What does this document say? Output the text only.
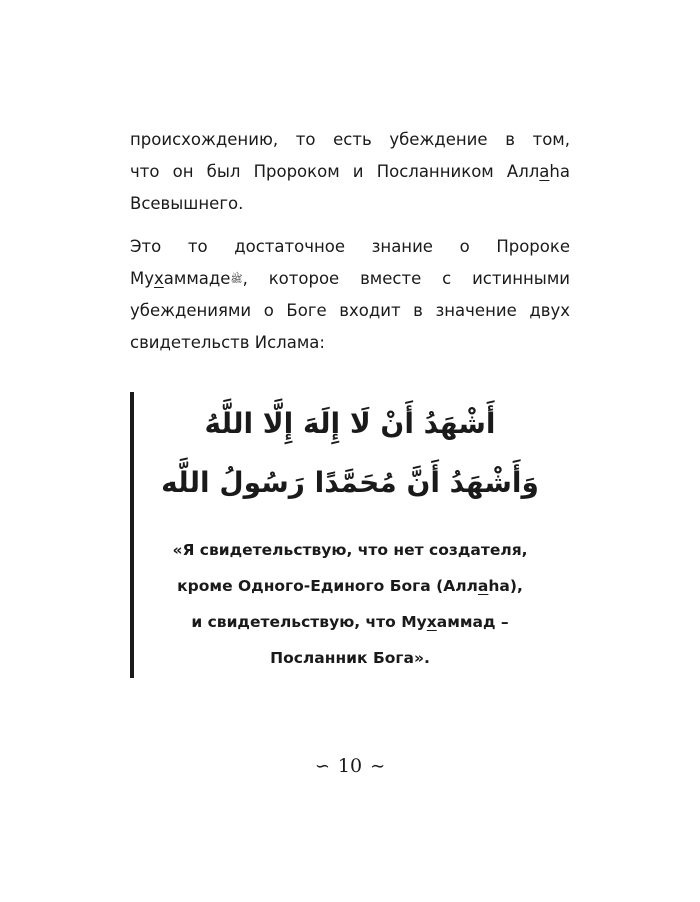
происхождению, то есть убеждение в том,
что он был Пророком и Посланником Аллаhа
Всевышнего.
Это то достаточное знание о Пророке
Мухаммадеﷺ, которое вместе с истинными
убеждениями о Боге входит в значение двух
свидетельств Ислама:
أَشْهَدُ أَنْ لَا إِلَهَ إِلَّا اللَّهُ
وَأَشْهَدُ أَنَّ مُحَمَّدًا رَسُولُ اللَّه
«Я свидетельствую, что нет создателя,
кроме Одного-Единого Бога (Аллаhа),
и свидетельствую, что Мухаммад –
Посланник Бога».
∽ 10 ∼
